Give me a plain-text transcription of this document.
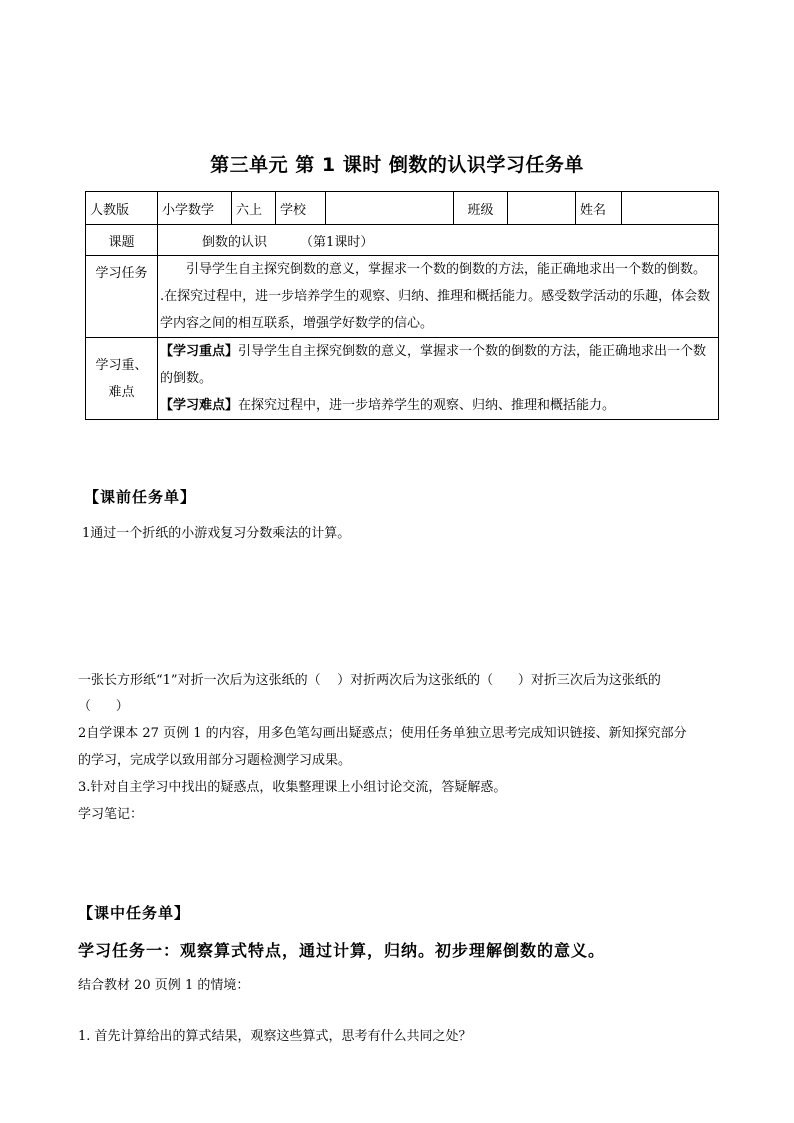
第三单元 第 1 课时 倒数的认识学习任务单
人教版	小学数学	六上	学校		班级		姓名	
课题	倒数的认识        （第1课时）							
学习任务	引导学生自主探究倒数的意义，掌握求一个数的倒数的方法，能正确地求出一个数的倒数。
.在探究过程中，进一步培养学生的观察、归纳、推理和概括能力。感受数学活动的乐趣，体会数学内容之间的相互联系，增强学好数学的信心。							

学习重、难点	【学习重点】引导学生自主探究倒数的意义，掌握求一个数的倒数的方法，能正确地求出一个数的倒数。
【学习难点】在探究过程中，进一步培养学生的观察、归纳、推理和概括能力。							
【课前任务单】
1通过一个折纸的小游戏复习分数乘法的计算。
一张长方形纸“1”对折一次后为这张纸的（    ）对折两次后为这张纸的（      ）对折三次后为这张纸的
（      ）
2自学课本 27 页例 1 的内容，用多色笔勾画出疑惑点；使用任务单独立思考完成知识链接、新知探究部分
的学习，完成学以致用部分习题检测学习成果。
3.针对自主学习中找出的疑惑点，收集整理课上小组讨论交流，答疑解惑。
学习笔记：
【课中任务单】
学习任务一：观察算式特点，通过计算，归纳。初步理解倒数的意义。
结合教材 20 页例 1 的情境：
1. 首先计算给出的算式结果，观察这些算式，思考有什么共同之处？
